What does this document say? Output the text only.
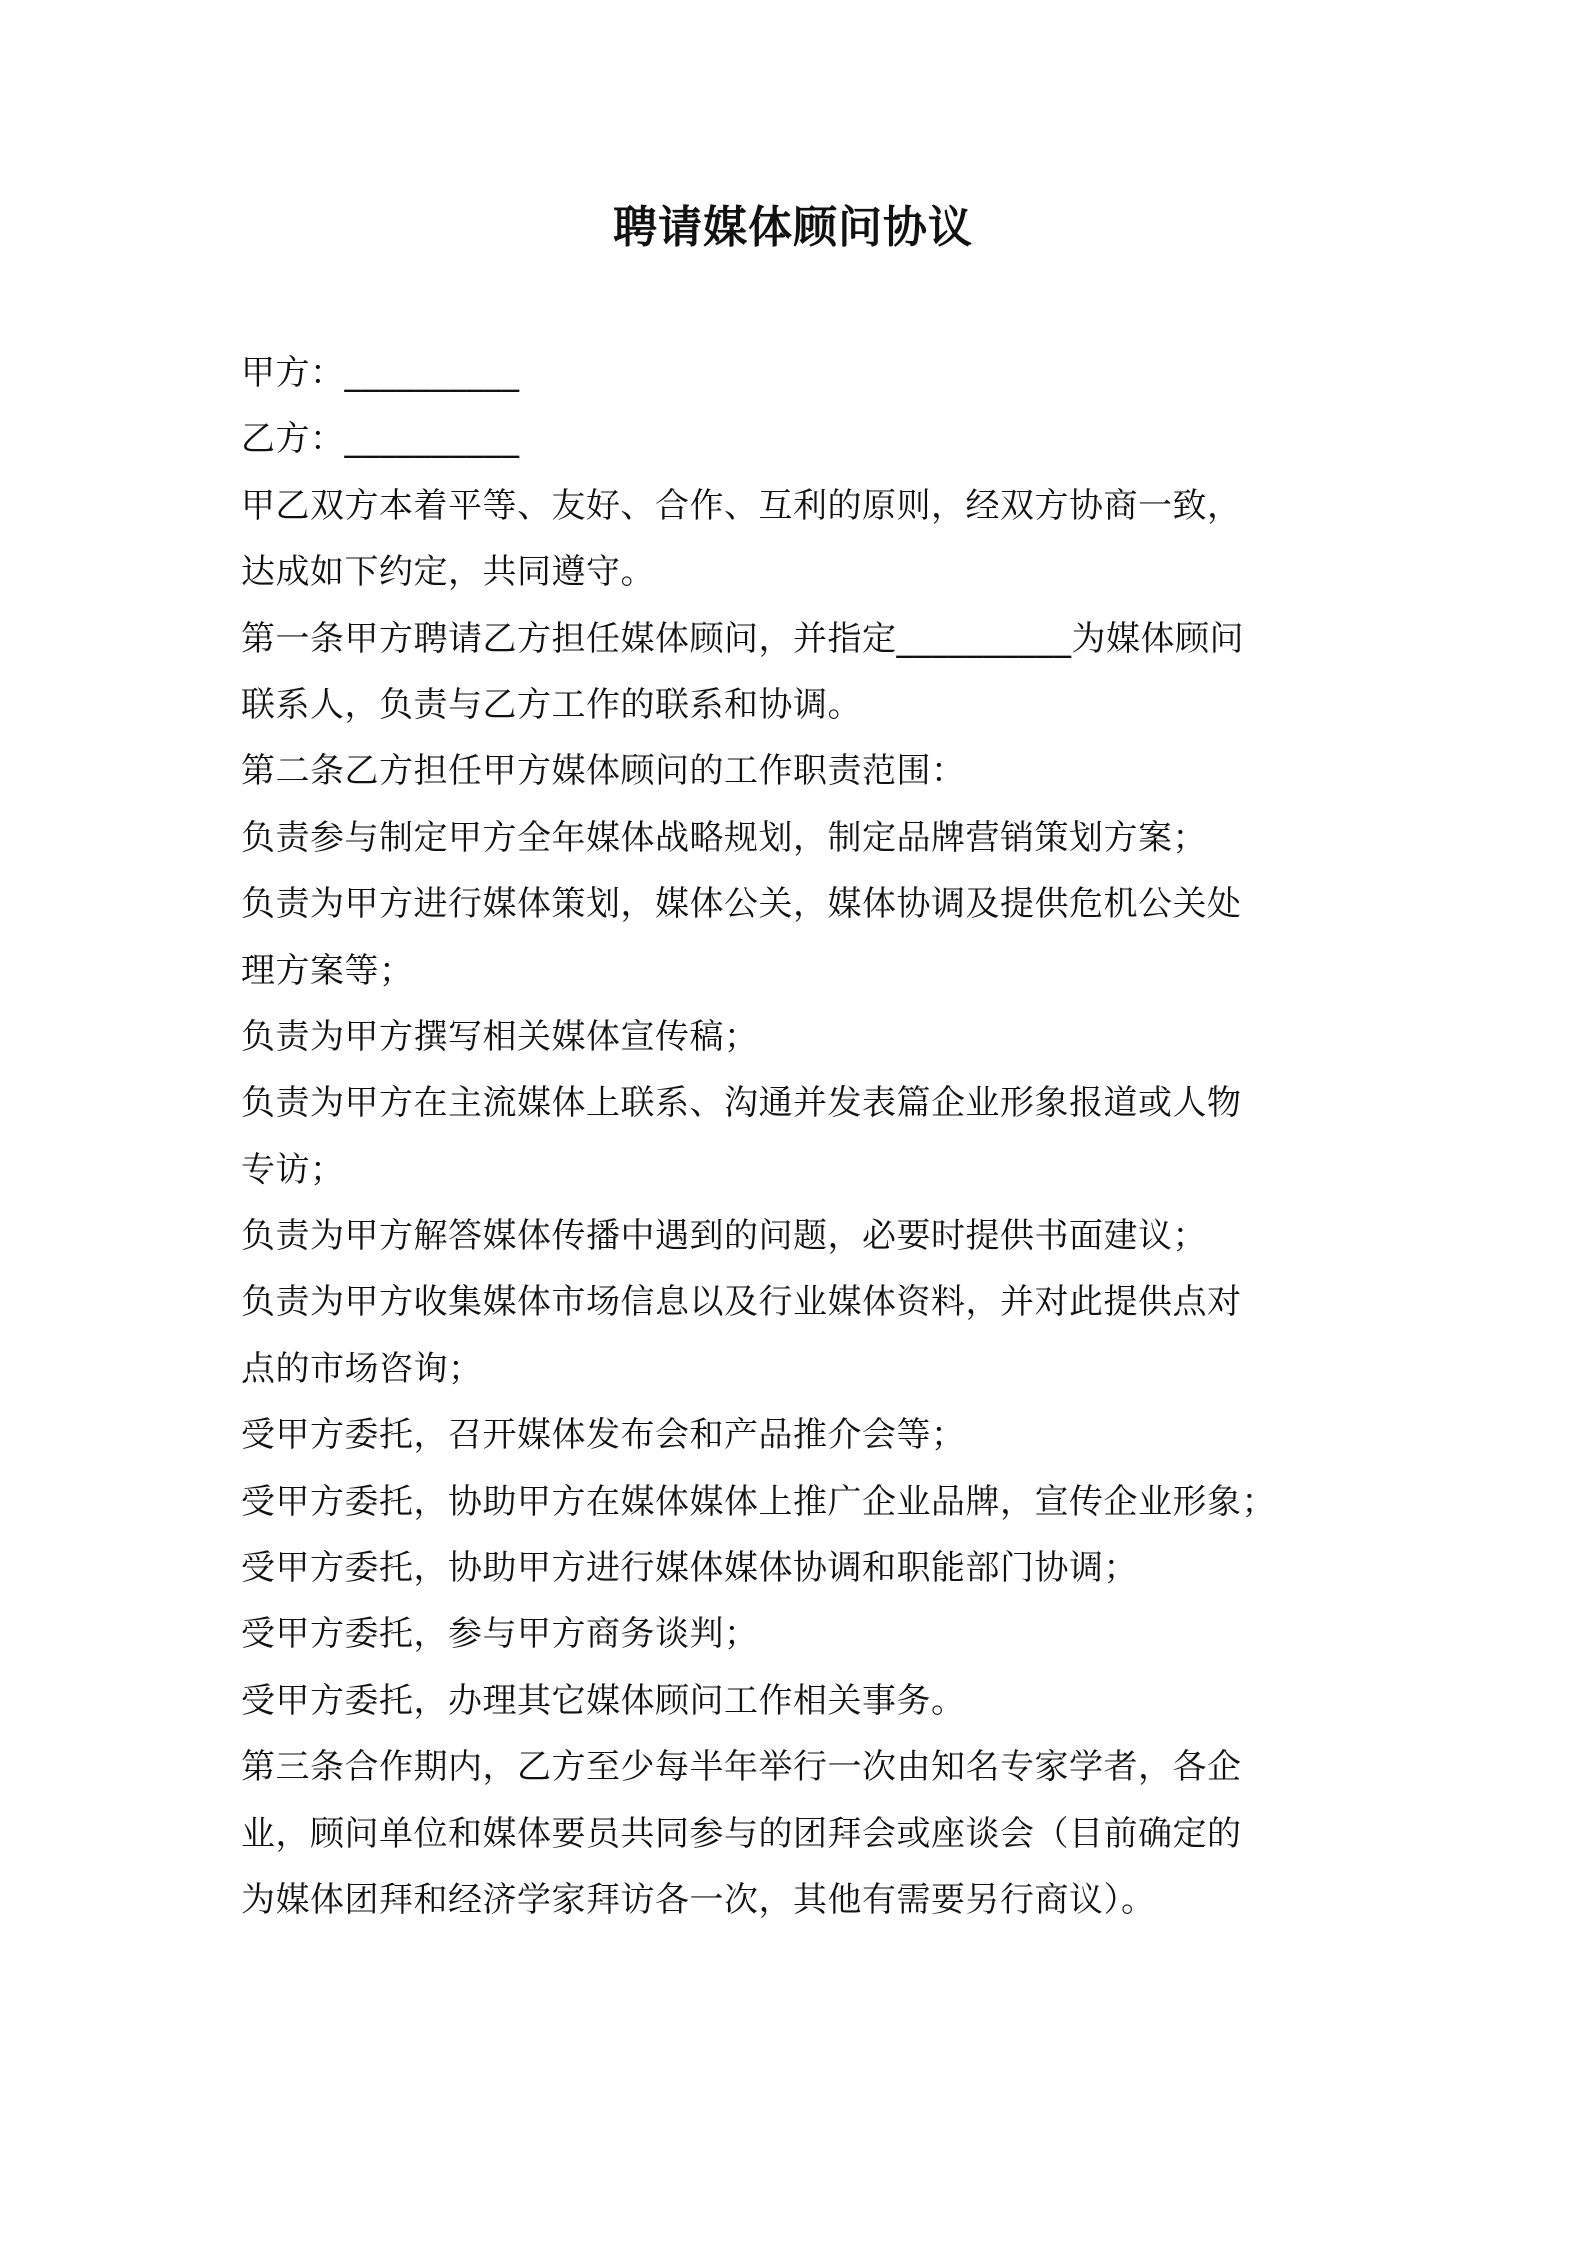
聘请媒体顾问协议
甲方：__________
乙方：__________
甲乙双方本着平等、友好、合作、互利的原则，经双方协商一致，
达成如下约定，共同遵守。
第一条甲方聘请乙方担任媒体顾问，并指定__________为媒体顾问
联系人，负责与乙方工作的联系和协调。
第二条乙方担任甲方媒体顾问的工作职责范围：
负责参与制定甲方全年媒体战略规划，制定品牌营销策划方案；
负责为甲方进行媒体策划，媒体公关，媒体协调及提供危机公关处
理方案等；
负责为甲方撰写相关媒体宣传稿；
负责为甲方在主流媒体上联系、沟通并发表篇企业形象报道或人物
专访；
负责为甲方解答媒体传播中遇到的问题，必要时提供书面建议；
负责为甲方收集媒体市场信息以及行业媒体资料，并对此提供点对
点的市场咨询；
受甲方委托，召开媒体发布会和产品推介会等；
受甲方委托，协助甲方在媒体媒体上推广企业品牌，宣传企业形象；
受甲方委托，协助甲方进行媒体媒体协调和职能部门协调；
受甲方委托，参与甲方商务谈判；
受甲方委托，办理其它媒体顾问工作相关事务。
第三条合作期内，乙方至少每半年举行一次由知名专家学者，各企
业，顾问单位和媒体要员共同参与的团拜会或座谈会（目前确定的
为媒体团拜和经济学家拜访各一次，其他有需要另行商议）。
